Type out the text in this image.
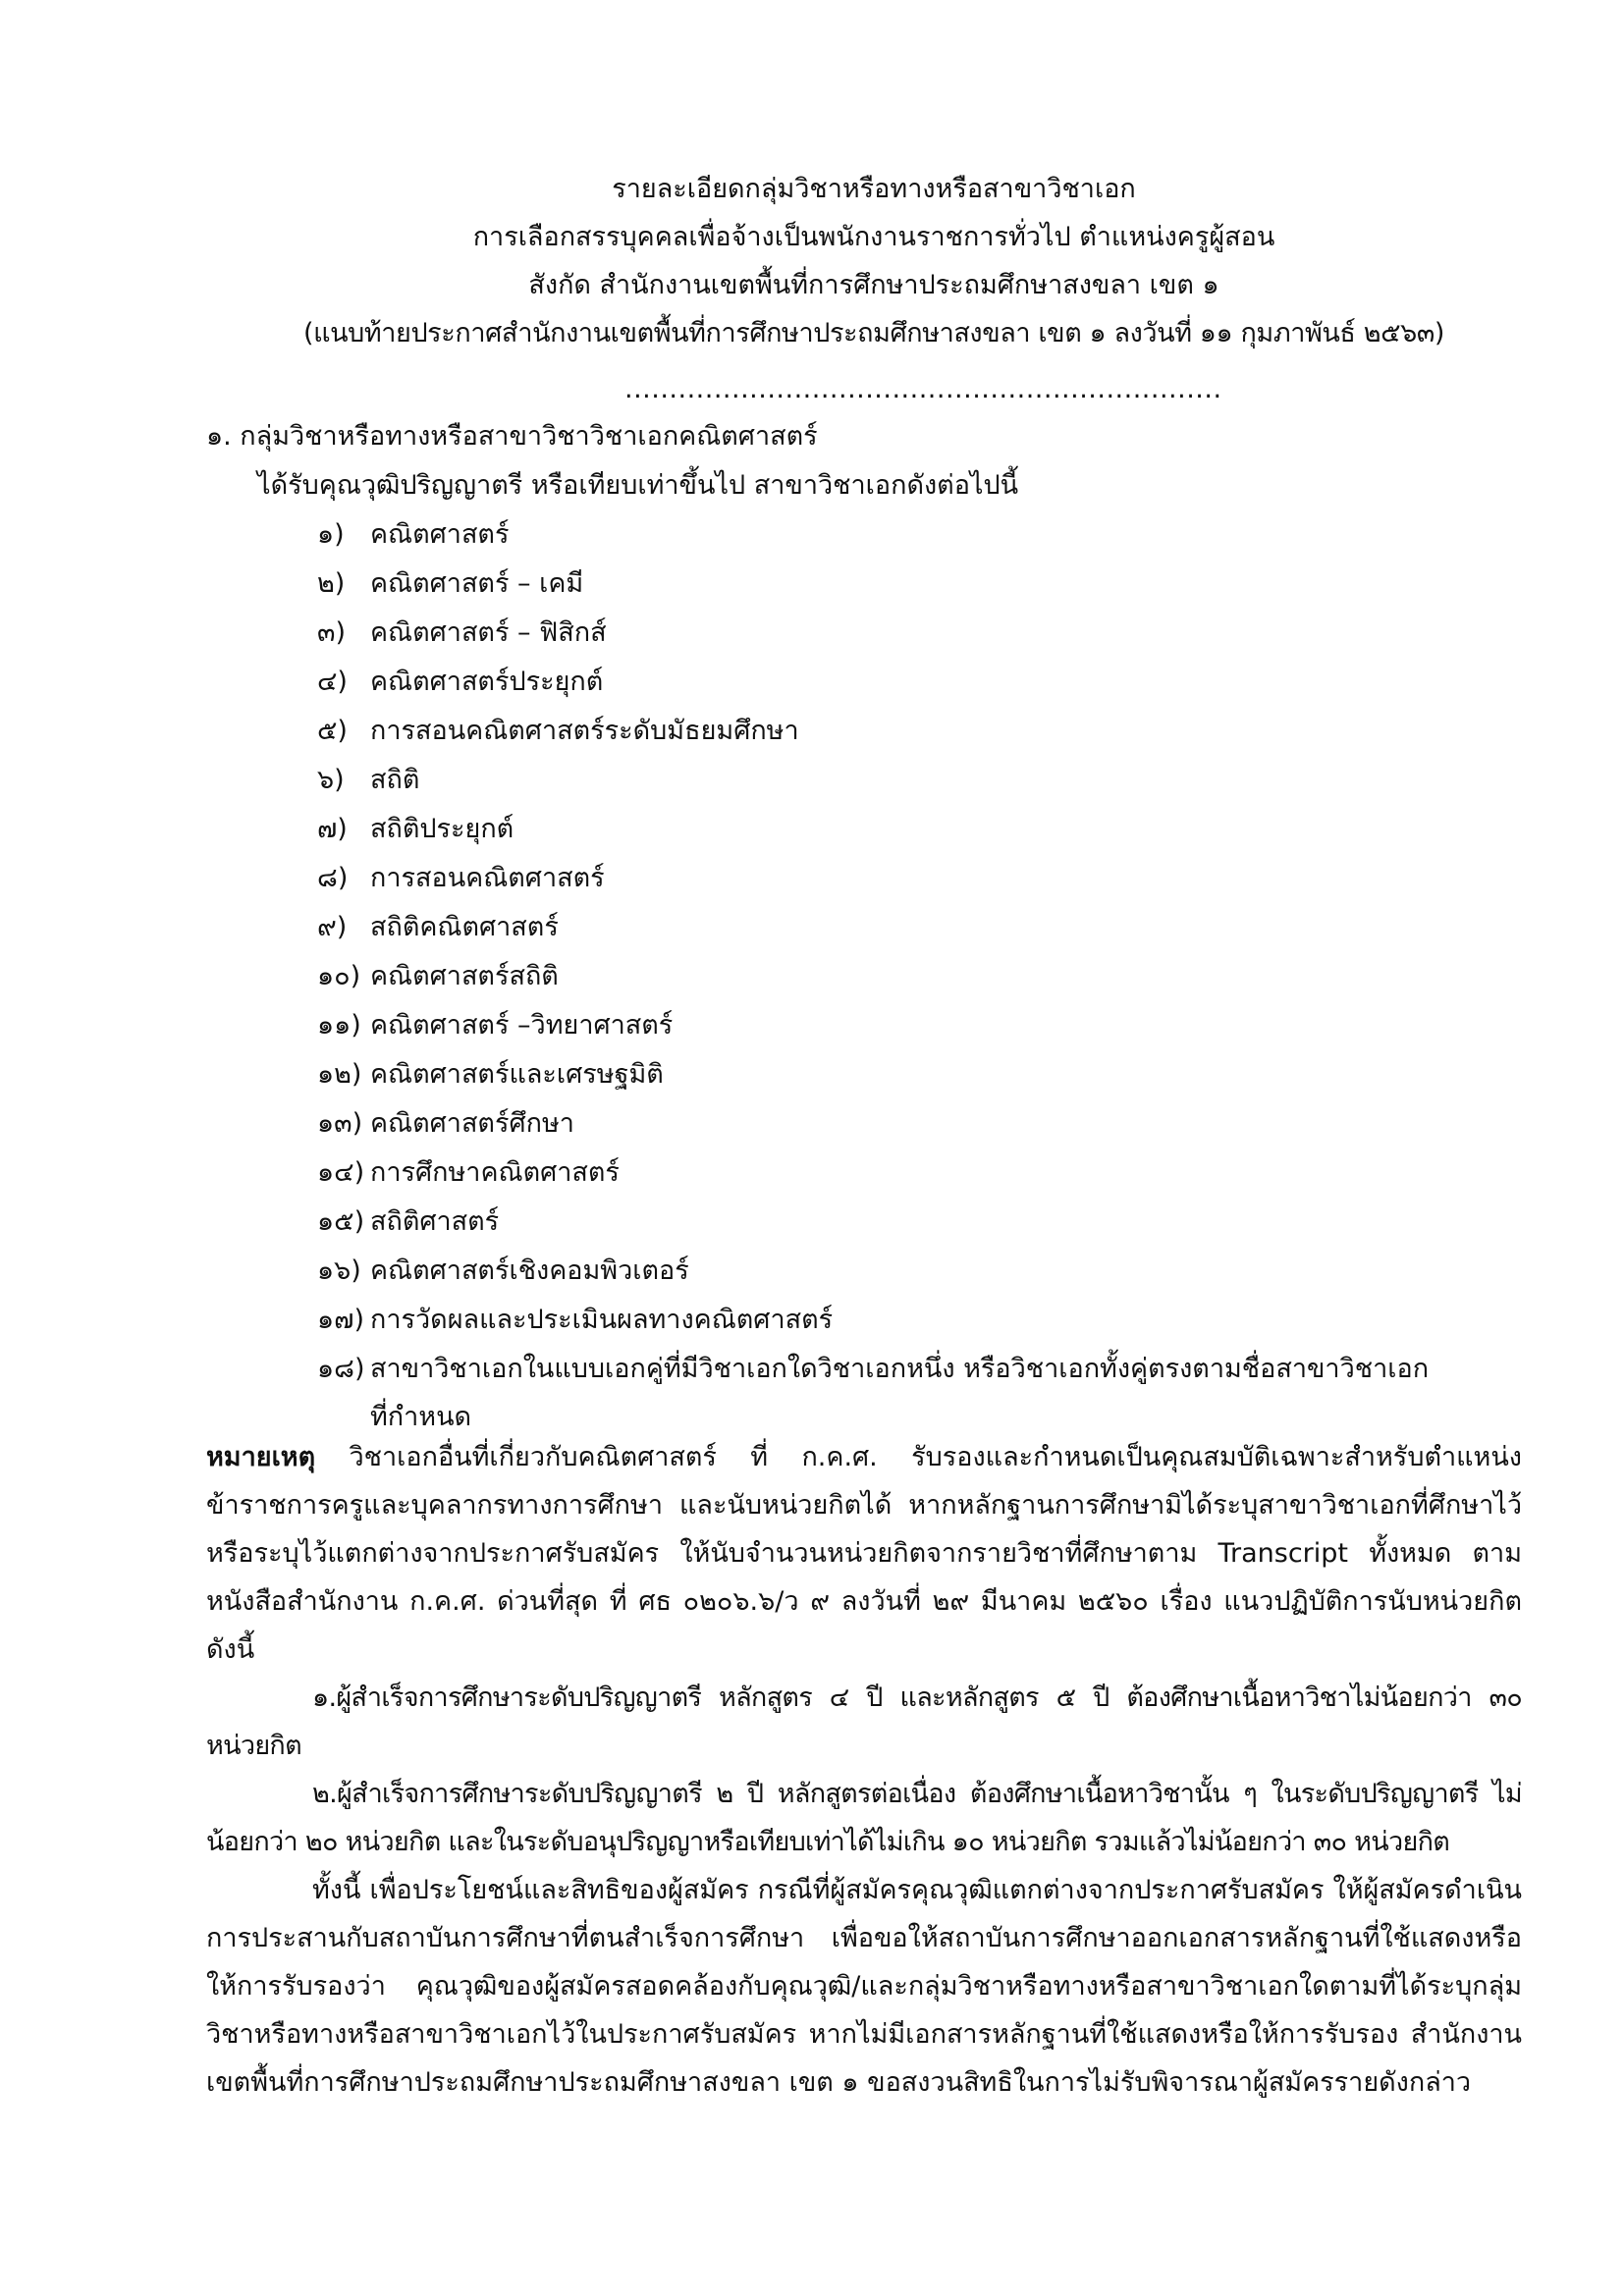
รายละเอียดกลุ่มวิชาหรือทางหรือสาขาวิชาเอก
การเลือกสรรบุคคลเพื่อจ้างเป็นพนักงานราชการทั่วไป ตำแหน่งครูผู้สอน
สังกัด สำนักงานเขตพื้นที่การศึกษาประถมศึกษาสงขลา เขต ๑
(แนบท้ายประกาศสำนักงานเขตพื้นที่การศึกษาประถมศึกษาสงขลา เขต ๑ ลงวันที่ ๑๑ กุมภาพันธ์ ๒๕๖๓)
...................................................................
๑. กลุ่มวิชาหรือทางหรือสาขาวิชาวิชาเอกคณิตศาสตร์
ได้รับคุณวุฒิปริญญาตรี หรือเทียบเท่าขึ้นไป สาขาวิชาเอกดังต่อไปนี้
๑) คณิตศาสตร์
๒) คณิตศาสตร์ – เคมี
๓) คณิตศาสตร์ – ฟิสิกส์
๔) คณิตศาสตร์ประยุกต์
๕) การสอนคณิตศาสตร์ระดับมัธยมศึกษา
๖) สถิติ
๗) สถิติประยุกต์
๘) การสอนคณิตศาสตร์
๙) สถิติคณิตศาสตร์
๑๐) คณิตศาสตร์สถิติ
๑๑) คณิตศาสตร์ –วิทยาศาสตร์
๑๒) คณิตศาสตร์และเศรษฐมิติ
๑๓) คณิตศาสตร์ศึกษา
๑๔) การศึกษาคณิตศาสตร์
๑๕) สถิติศาสตร์
๑๖) คณิตศาสตร์เชิงคอมพิวเตอร์
๑๗) การวัดผลและประเมินผลทางคณิตศาสตร์
๑๘) สาขาวิชาเอกในแบบเอกคู่ที่มีวิชาเอกใดวิชาเอกหนึ่ง หรือวิชาเอกทั้งคู่ตรงตามชื่อสาขาวิชาเอก
ที่กำหนด

หมายเหตุ วิชาเอกอื่นที่เกี่ยวกับคณิตศาสตร์ ที่ ก.ค.ศ. รับรองและกำหนดเป็นคุณสมบัติเฉพาะสำหรับตำแหน่งข้าราชการครูและบุคลากรทางการศึกษา และนับหน่วยกิตได้ หากหลักฐานการศึกษามิได้ระบุสาขาวิชาเอกที่ศึกษาไว้ หรือระบุไว้แตกต่างจากประกาศรับสมัคร ให้นับจำนวนหน่วยกิตจากรายวิชาที่ศึกษาตาม Transcript ทั้งหมด ตามหนังสือสำนักงาน ก.ค.ศ. ด่วนที่สุด ที่ ศธ ๐๒๐๖.๖/ว ๙ ลงวันที่ ๒๙ มีนาคม ๒๕๖๐ เรื่อง แนวปฏิบัติการนับหน่วยกิต ดังนี้

๑.ผู้สำเร็จการศึกษาระดับปริญญาตรี หลักสูตร ๔ ปี และหลักสูตร ๕ ปี ต้องศึกษาเนื้อหาวิชาไม่น้อยกว่า ๓๐ หน่วยกิต

๒.ผู้สำเร็จการศึกษาระดับปริญญาตรี ๒ ปี หลักสูตรต่อเนื่อง ต้องศึกษาเนื้อหาวิชานั้น ๆ ในระดับปริญญาตรี ไม่น้อยกว่า ๒๐ หน่วยกิต และในระดับอนุปริญญาหรือเทียบเท่าได้ไม่เกิน ๑๐ หน่วยกิต รวมแล้วไม่น้อยกว่า ๓๐ หน่วยกิต

ทั้งนี้ เพื่อประโยชน์และสิทธิของผู้สมัคร กรณีที่ผู้สมัครคุณวุฒิแตกต่างจากประกาศรับสมัคร ให้ผู้สมัครดำเนินการประสานกับสถาบันการศึกษาที่ตนสำเร็จการศึกษา เพื่อขอให้สถาบันการศึกษาออกเอกสารหลักฐานที่ใช้แสดงหรือให้การรับรองว่า คุณวุฒิของผู้สมัครสอดคล้องกับคุณวุฒิ/และกลุ่มวิชาหรือทางหรือสาขาวิชาเอกใดตามที่ได้ระบุกลุ่มวิชาหรือทางหรือสาขาวิชาเอกไว้ในประกาศรับสมัคร หากไม่มีเอกสารหลักฐานที่ใช้แสดงหรือให้การรับรอง สำนักงานเขตพื้นที่การศึกษาประถมศึกษาประถมศึกษาสงขลา เขต ๑ ขอสงวนสิทธิในการไม่รับพิจารณาผู้สมัครรายดังกล่าว
